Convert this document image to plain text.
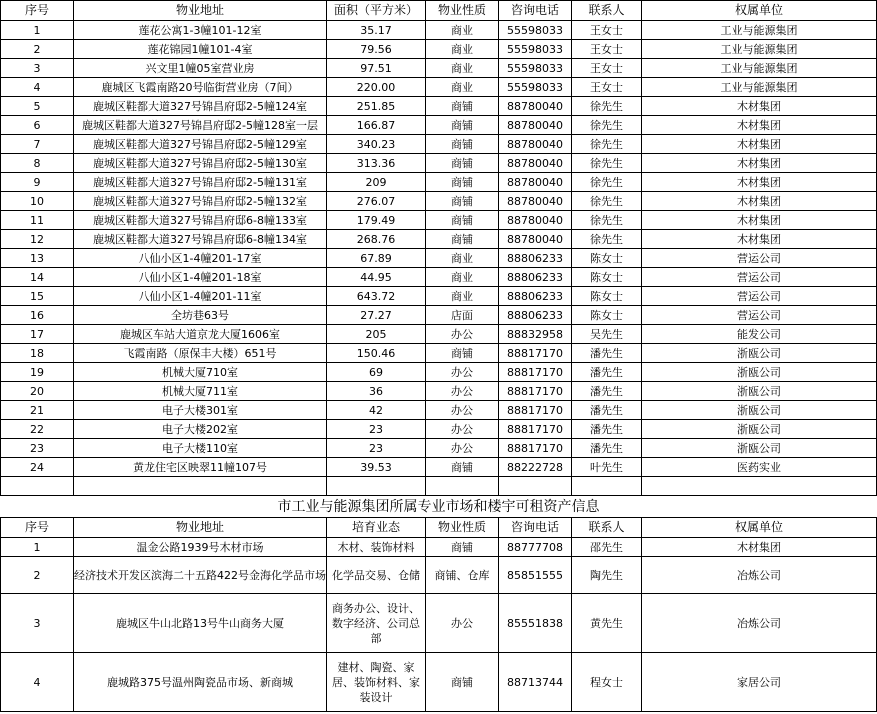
序号	物业地址	面积（平方米）	物业性质	咨询电话	联系人	权属单位
1	莲花公寓1-3幢101-12室	35.17	商业	55598033	王女士	工业与能源集团
2	莲花锦园1幢101-4室	79.56	商业	55598033	王女士	工业与能源集团
3	兴文里1幢05室营业房	97.51	商业	55598033	王女士	工业与能源集团
4	鹿城区飞霞南路20号临街营业房（7间）	220.00	商业	55598033	王女士	工业与能源集团
5	鹿城区鞋都大道327号锦昌府邸2-5幢124室	251.85	商铺	88780040	徐先生	木材集团
6	鹿城区鞋都大道327号锦昌府邸2-5幢128室一层	166.87	商铺	88780040	徐先生	木材集团
7	鹿城区鞋都大道327号锦昌府邸2-5幢129室	340.23	商铺	88780040	徐先生	木材集团
8	鹿城区鞋都大道327号锦昌府邸2-5幢130室	313.36	商铺	88780040	徐先生	木材集团
9	鹿城区鞋都大道327号锦昌府邸2-5幢131室	209	商铺	88780040	徐先生	木材集团
10	鹿城区鞋都大道327号锦昌府邸2-5幢132室	276.07	商铺	88780040	徐先生	木材集团
11	鹿城区鞋都大道327号锦昌府邸6-8幢133室	179.49	商铺	88780040	徐先生	木材集团
12	鹿城区鞋都大道327号锦昌府邸6-8幢134室	268.76	商铺	88780040	徐先生	木材集团
13	八仙小区1-4幢201-17室	67.89	商业	88806233	陈女士	营运公司
14	八仙小区1-4幢201-18室	44.95	商业	88806233	陈女士	营运公司
15	八仙小区1-4幢201-11室	643.72	商业	88806233	陈女士	营运公司
16	全坊巷63号	27.27	店面	88806233	陈女士	营运公司
17	鹿城区车站大道京龙大厦1606室	205	办公	88832958	吴先生	能发公司
18	飞霞南路（原保丰大楼）651号	150.46	商铺	88817170	潘先生	浙瓯公司
19	机械大厦710室	69	办公	88817170	潘先生	浙瓯公司
20	机械大厦711室	36	办公	88817170	潘先生	浙瓯公司
21	电子大楼301室	42	办公	88817170	潘先生	浙瓯公司
22	电子大楼202室	23	办公	88817170	潘先生	浙瓯公司
23	电子大楼110室	23	办公	88817170	潘先生	浙瓯公司
24	黄龙住宅区映翠11幢107号	39.53	商铺	88222728	叶先生	医药实业

市工业与能源集团所属专业市场和楼宇可租资产信息						
序号	物业地址	培育业态	物业性质	咨询电话	联系人	权属单位
1	温金公路1939号木材市场	木材、装饰材料	商铺	88777708	邵先生	木材集团
2	经济技术开发区滨海二十五路422号金海化学品市场	化学品交易、仓储	商铺、仓库	85851555	陶先生	冶炼公司
3	鹿城区牛山北路13号牛山商务大厦	商务办公、设计、数字经济、公司总部	办公	85551838	黄先生	冶炼公司
4	鹿城路375号温州陶瓷品市场、新商城	建材、陶瓷、家居、装饰材料、家装设计	商铺	88713744	程女士	家居公司
